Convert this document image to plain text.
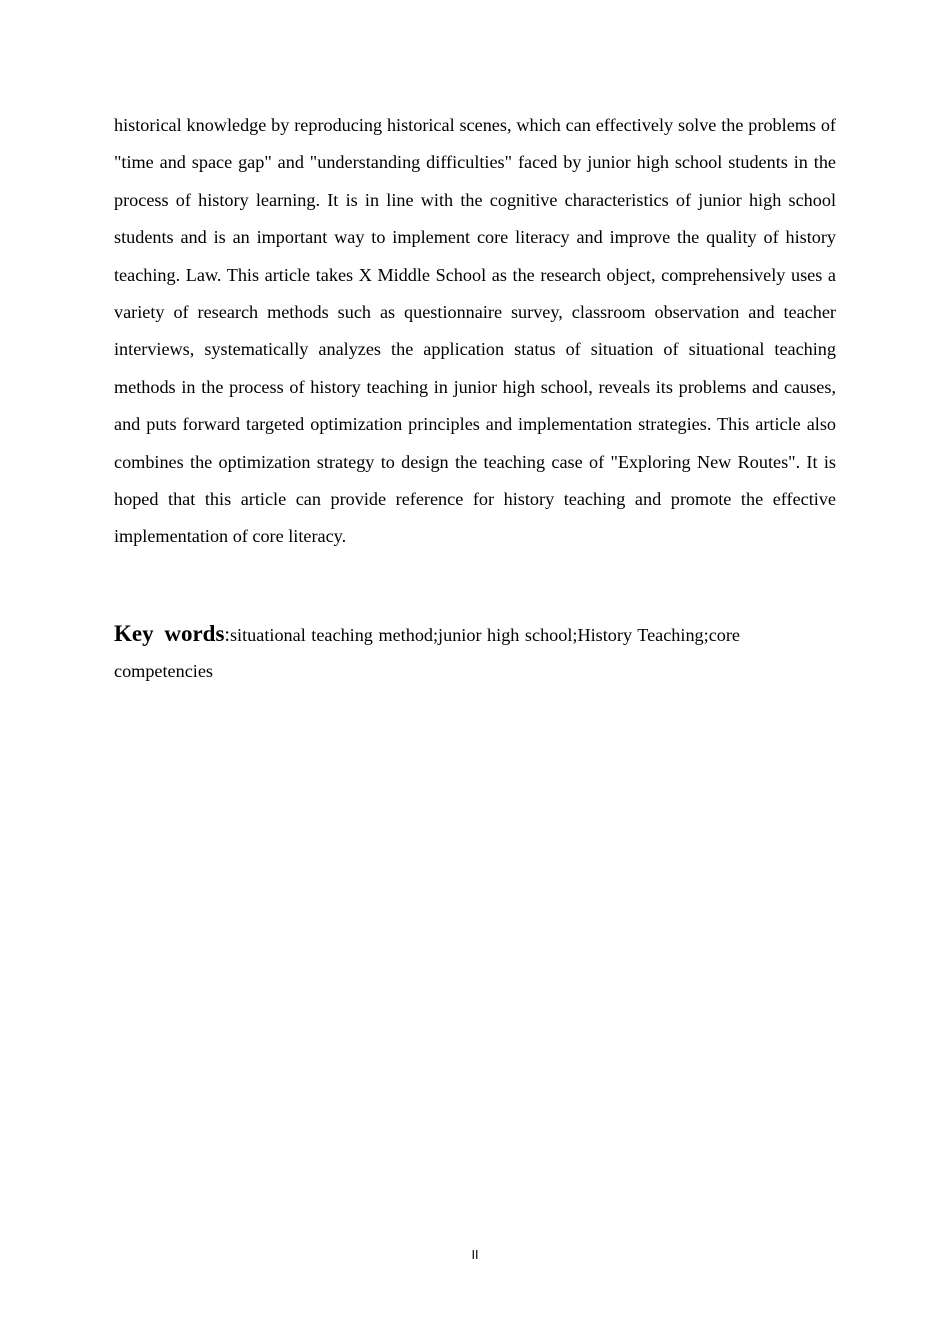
historical knowledge by reproducing historical scenes, which can effectively solve the problems of "time and space gap" and "understanding difficulties" faced by junior high school students in the process of history learning. It is in line with the cognitive characteristics of junior high school students and is an important way to implement core literacy and improve the quality of history teaching. Law. This article takes X Middle School as the research object, comprehensively uses a variety of research methods such as questionnaire survey, classroom observation and teacher interviews, systematically analyzes the application status of situation of situational teaching methods in the process of history teaching in junior high school, reveals its problems and causes, and puts forward targeted optimization principles and implementation strategies. This article also combines the optimization strategy to design the teaching case of "Exploring New Routes". It is hoped that this article can provide reference for history teaching and promote the effective implementation of core literacy.

Key words:situational teaching method;junior high school;History Teaching;core competencies

II
